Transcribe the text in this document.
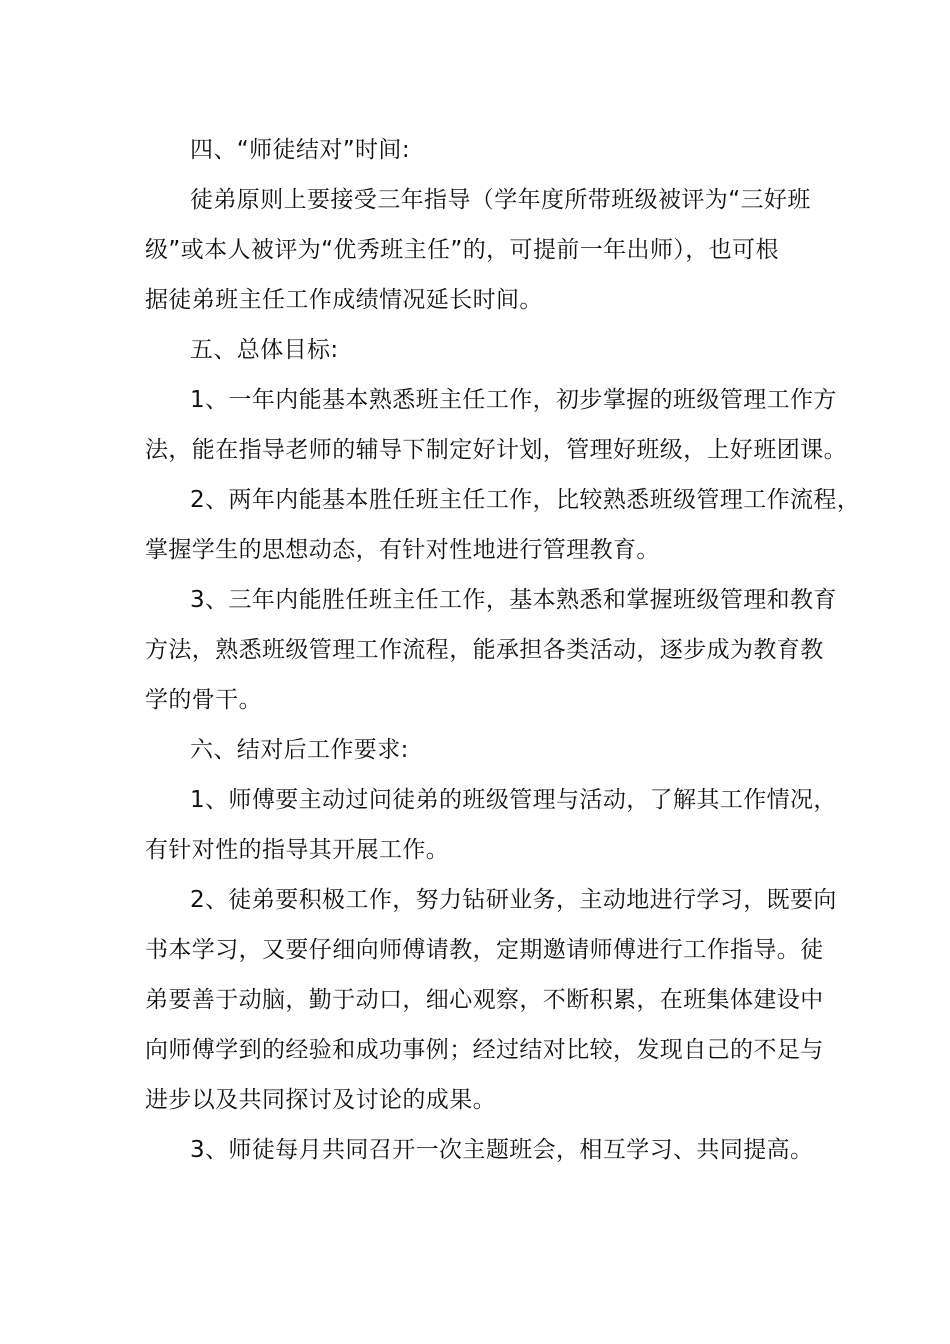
四、“师徒结对”时间:
徒弟原则上要接受三年指导（学年度所带班级被评为“三好班
级”或本人被评为“优秀班主任”的，可提前一年出师），也可根
据徒弟班主任工作成绩情况延长时间。
五、总体目标:
1、一年内能基本熟悉班主任工作，初步掌握的班级管理工作方
法，能在指导老师的辅导下制定好计划，管理好班级，上好班团课。
2、两年内能基本胜任班主任工作，比较熟悉班级管理工作流程，
掌握学生的思想动态，有针对性地进行管理教育。
3、三年内能胜任班主任工作，基本熟悉和掌握班级管理和教育
方法，熟悉班级管理工作流程，能承担各类活动，逐步成为教育教
学的骨干。
六、结对后工作要求:
1、师傅要主动过问徒弟的班级管理与活动，了解其工作情况，
有针对性的指导其开展工作。
2、徒弟要积极工作，努力钻研业务，主动地进行学习，既要向
书本学习，又要仔细向师傅请教，定期邀请师傅进行工作指导。徒
弟要善于动脑，勤于动口，细心观察，不断积累，在班集体建设中
向师傅学到的经验和成功事例；经过结对比较，发现自己的不足与
进步以及共同探讨及讨论的成果。
3、师徒每月共同召开一次主题班会，相互学习、共同提高。
